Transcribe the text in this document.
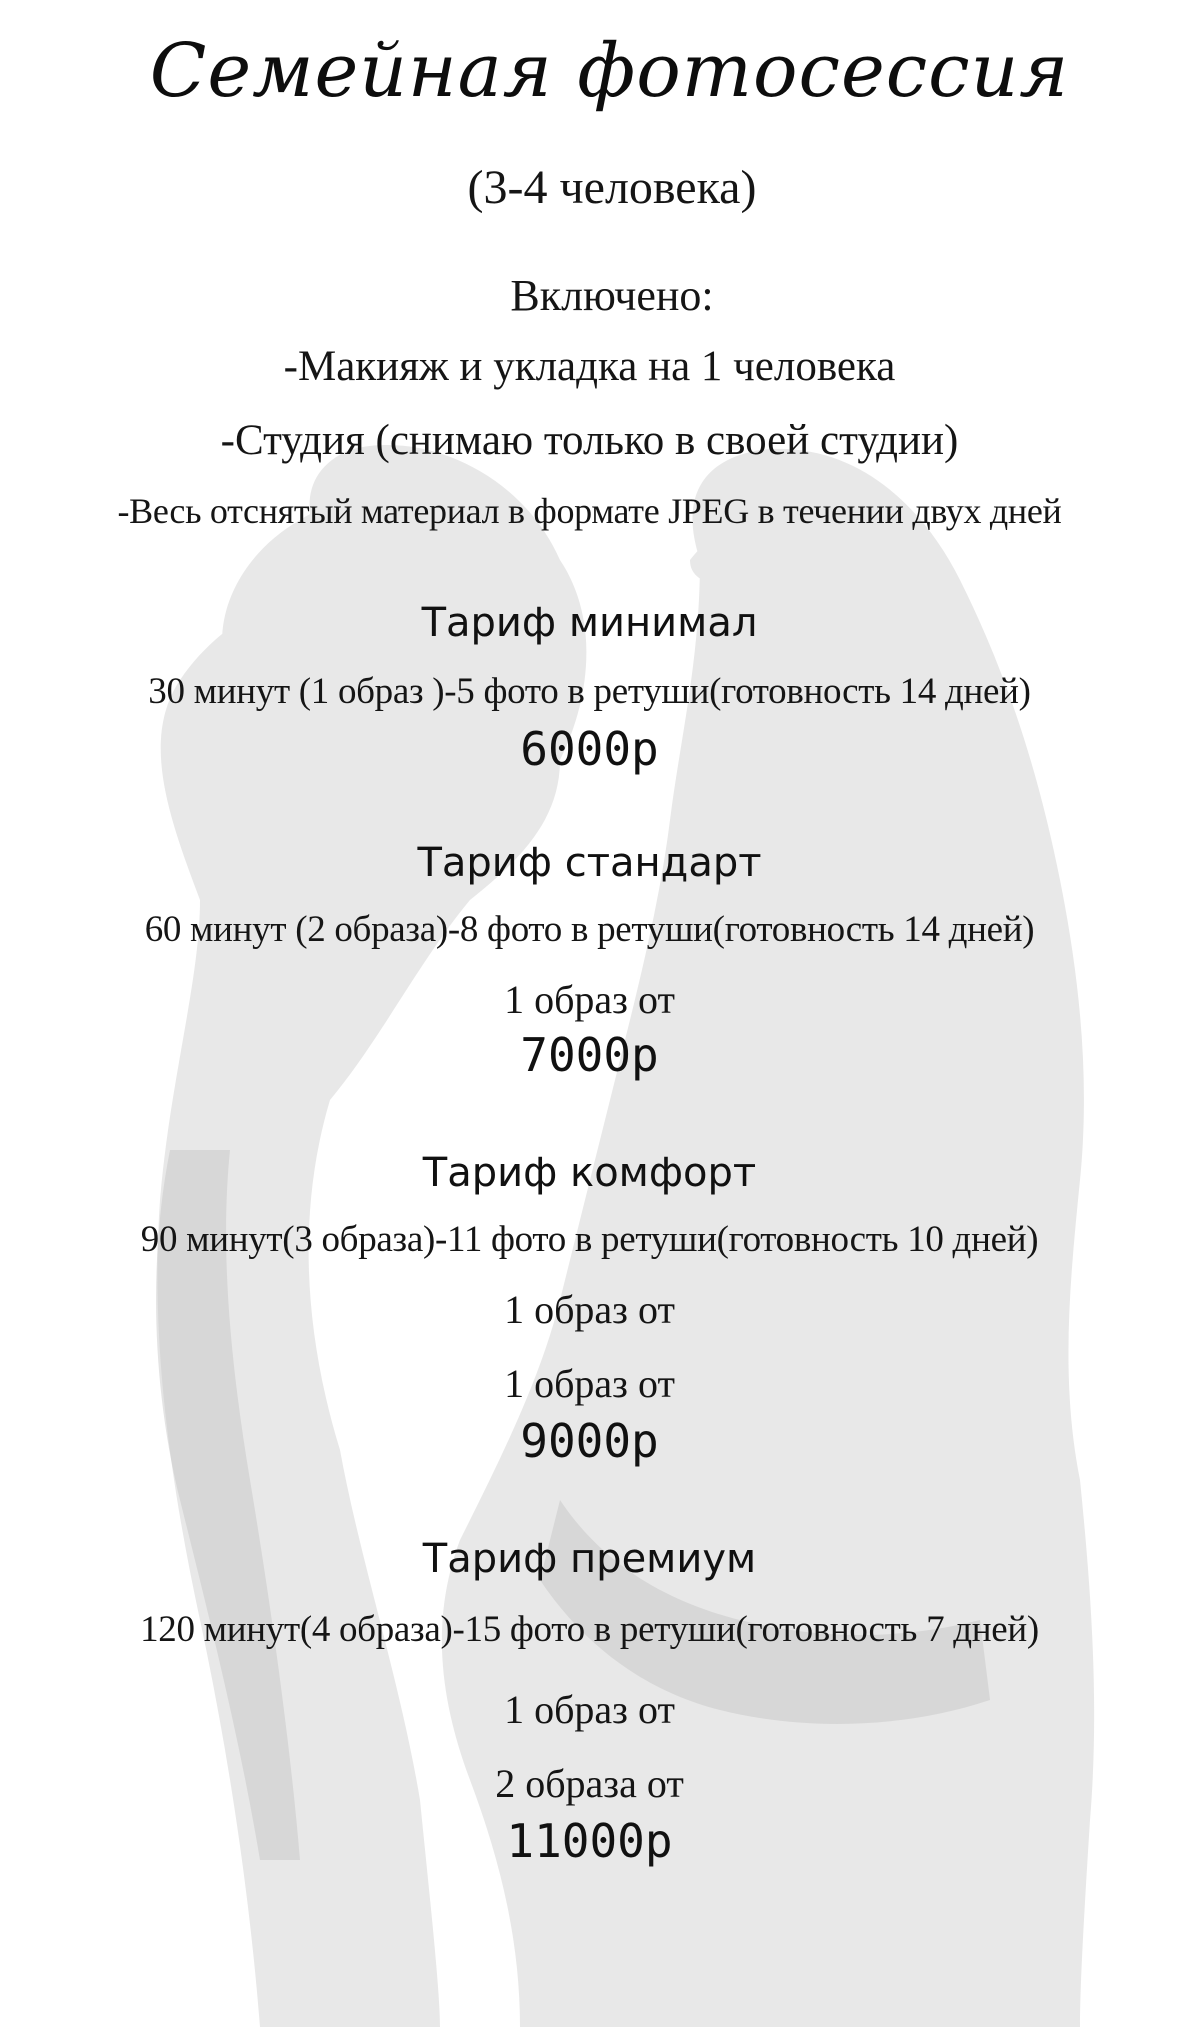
Семейная фотосессия

(3-4 человека)

Включено:

-Макияж и укладка на 1 человека

-Студия (снимаю только в своей студии)

-Весь отснятый материал в формате JPEG в течении двух дней

Тариф минимал

30 минут (1 образ )-5 фото в ретуши(готовность 14 дней)

6000р

Тариф стандарт

60 минут (2 образа)-8 фото в ретуши(готовность 14 дней)

1 образ от

7000р

Тариф комфорт

90 минут(3 образа)-11 фото в ретуши(готовность 10 дней)

1 образ от

1 образ от

9000р

Тариф премиум

120 минут(4 образа)-15 фото в ретуши(готовность 7 дней)

1 образ от

2 образа от

11000р
